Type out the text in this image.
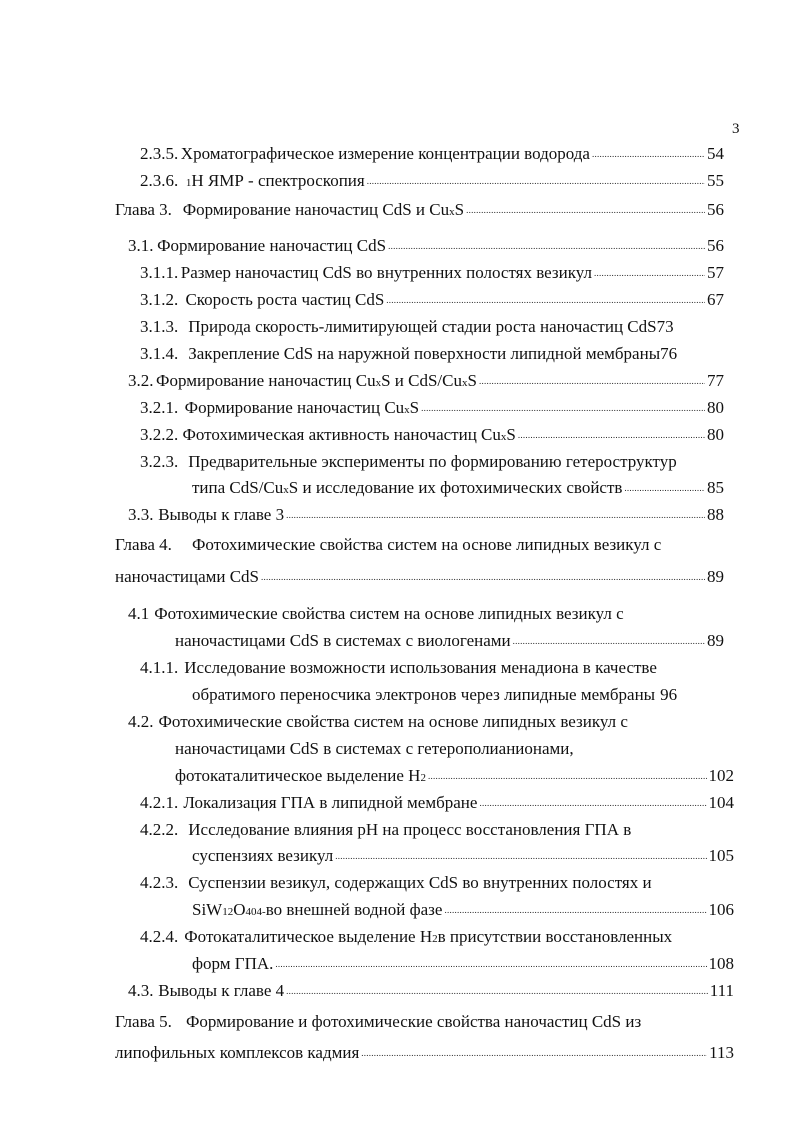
3
2.3.5. Хроматографическое измерение концентрации водорода . . .	54
2.3.6. 1 Н ЯМР - спектроскопия . . .	55
Глава 3. Формирование наночастиц CdS и Cu x S . . .	56
3.1. Формирование наночастиц CdS . . .	56
3.1.1. Размер наночастиц CdS во внутренних полостях везикул . . .	57
3.1.2. Скорость роста частиц CdS . . .	67
3.1.3. Природа скорость-лимитирующей стадии роста наночастиц CdS 73
3.1.4. Закрепление CdS на наружной поверхности липидной мембраны 76
3.2. Формирование наночастиц Cu x S и CdS/Cu x S . . .	77
3.2.1. Формирование наночастиц Cu x S . . .	80
3.2.2. Фотохимическая активность наночастиц Cu x S . . .	80
3.2.3. Предварительные эксперименты по формированию гетероструктур
типа CdS/Cu x S и исследование их фотохимических свойств . . .	85
3.3. Выводы к главе 3 . . .	88
Глава 4. Фотохимические свойства систем на основе липидных везикул с
наночастицами CdS . . .	89
4.1 Фотохимические свойства систем на основе липидных везикул с
наночастицами CdS в системах с виологенами . . .	89
4.1.1. Исследование возможности использования менадиона в качестве
обратимого переносчика электронов через липидные мембраны 96
4.2. Фотохимические свойства систем на основе липидных везикул с
наночастицами CdS в системах с гетерополианионами,
фотокаталитическое выделение H 2 . . .	102
4.2.1. Локализация ГПА в липидной мембране . . .	104
4.2.2. Исследование влияния pH на процесс восстановления ГПА в
суспензиях везикул . . .	105
4.2.3. Суспензии везикул, содержащих CdS во внутренних полостях и
SiW 12 O 40 4- во внешней водной фазе . . .	106
4.2.4. Фотокаталитическое выделение H 2 в присутствии восстановленных
форм ГПА. . . .	108
4.3. Выводы к главе 4 . . .	111
Глава 5. Формирование и фотохимические свойства наночастиц CdS из
липофильных комплексов кадмия . . .	113
